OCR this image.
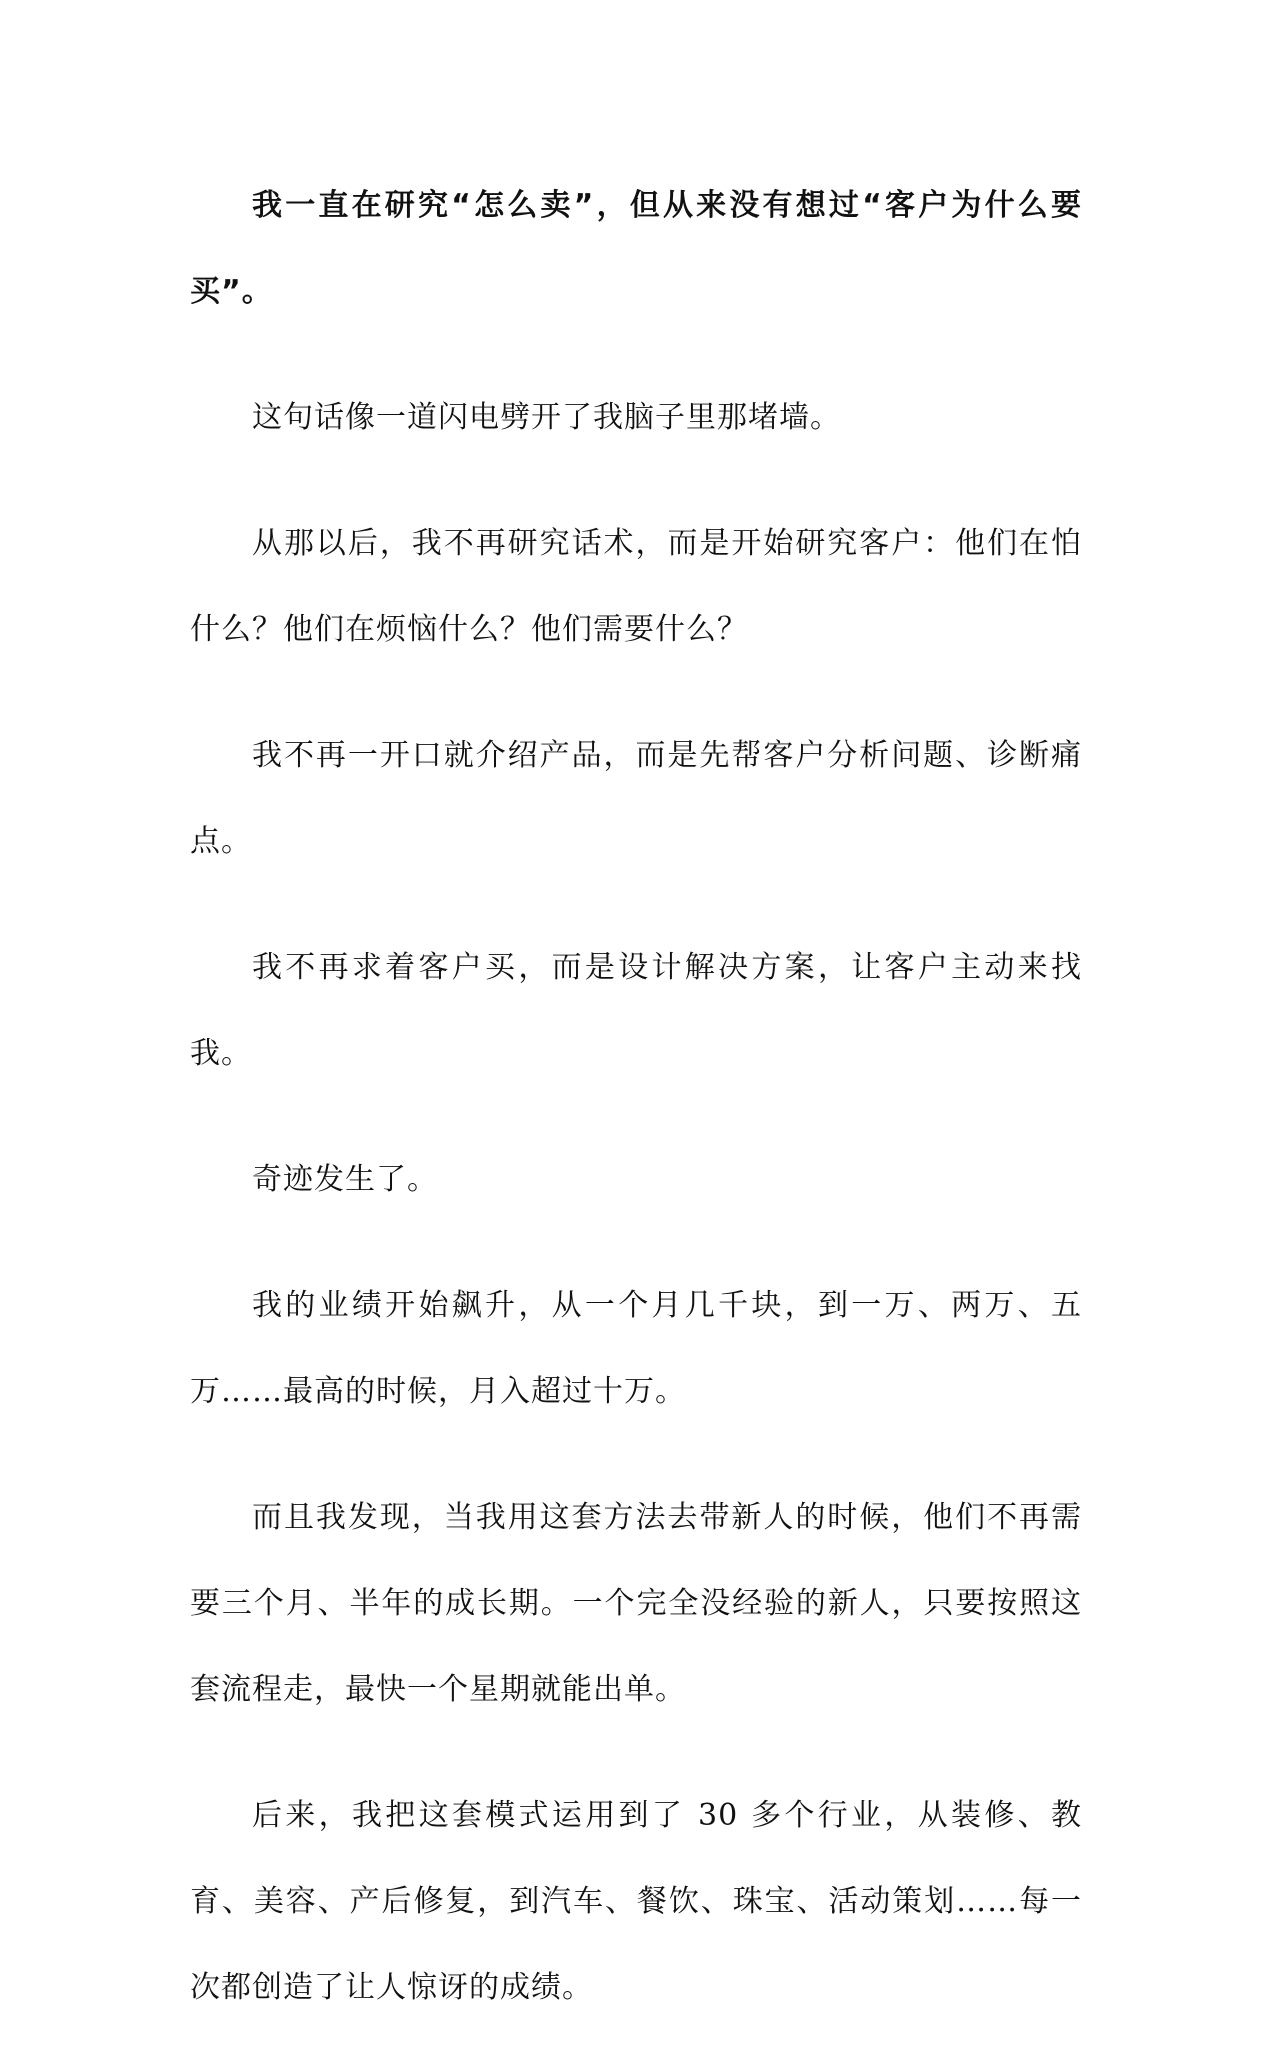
我一直在研究“怎么卖”，但从来没有想过“客户为什么要买”。

这句话像一道闪电劈开了我脑子里那堵墙。

从那以后，我不再研究话术，而是开始研究客户：他们在怕什么？他们在烦恼什么？他们需要什么？

我不再一开口就介绍产品，而是先帮客户分析问题、诊断痛点。

我不再求着客户买，而是设计解决方案，让客户主动来找我。

奇迹发生了。

我的业绩开始飙升，从一个月几千块，到一万、两万、五万……最高的时候，月入超过十万。

而且我发现，当我用这套方法去带新人的时候，他们不再需要三个月、半年的成长期。一个完全没经验的新人，只要按照这套流程走，最快一个星期就能出单。

后来，我把这套模式运用到了 30 多个行业，从装修、教育、美容、产后修复，到汽车、餐饮、珠宝、活动策划……每一次都创造了让人惊讶的成绩。
